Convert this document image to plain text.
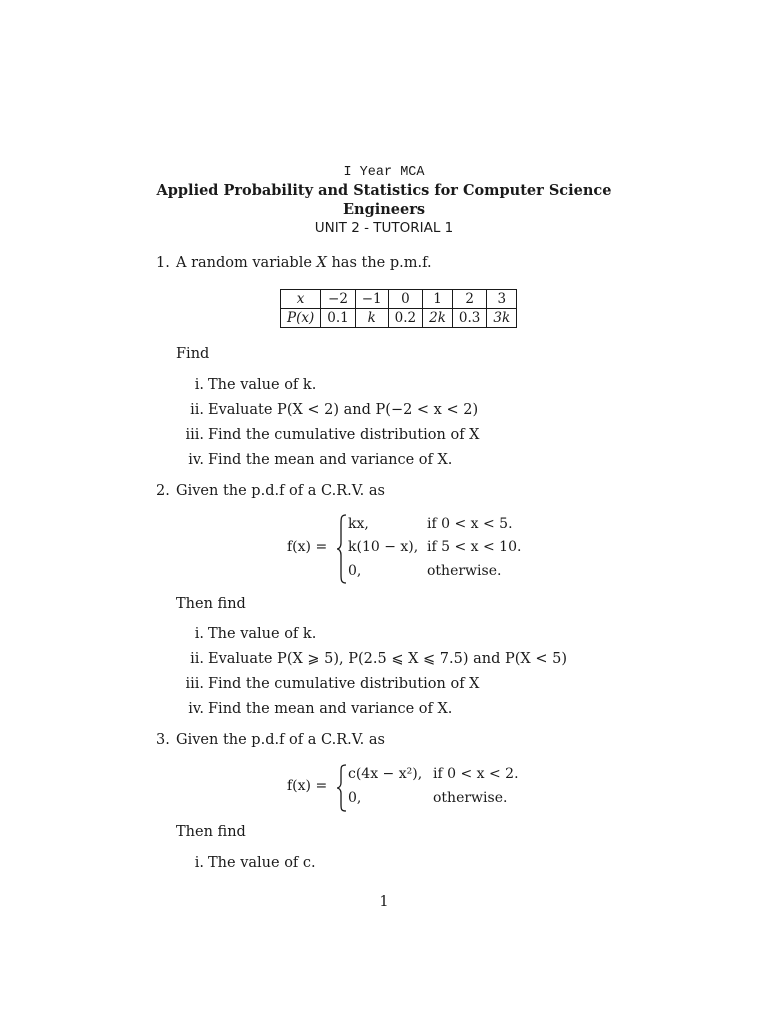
I Year MCA
Applied Probability and Statistics for Computer Science
Engineers
UNIT 2 - TUTORIAL 1
1. A random variable X has the p.m.f.
x	−2	−1	0	1	2	3
P(x)	0.1	k	0.2	2k	0.3	3k
Find
i. The value of k.
ii. Evaluate P(X < 2) and P(−2 < x < 2)
iii. Find the cumulative distribution of X
iv. Find the mean and variance of X.
2. Given the p.d.f of a C.R.V. as
f(x) =
kx,	if 0 < x < 5.
k(10 − x), if 5 < x < 10.
0,	otherwise.
Then find
i. The value of k.
ii. Evaluate P(X ⩾ 5), P(2.5 ⩽ X ⩽ 7.5) and P(X < 5)
iii. Find the cumulative distribution of X
iv. Find the mean and variance of X.
3. Given the p.d.f of a C.R.V. as
f(x) =
c(4x − x²), if 0 < x < 2.
0,	otherwise.
Then find
i. The value of c.
1
